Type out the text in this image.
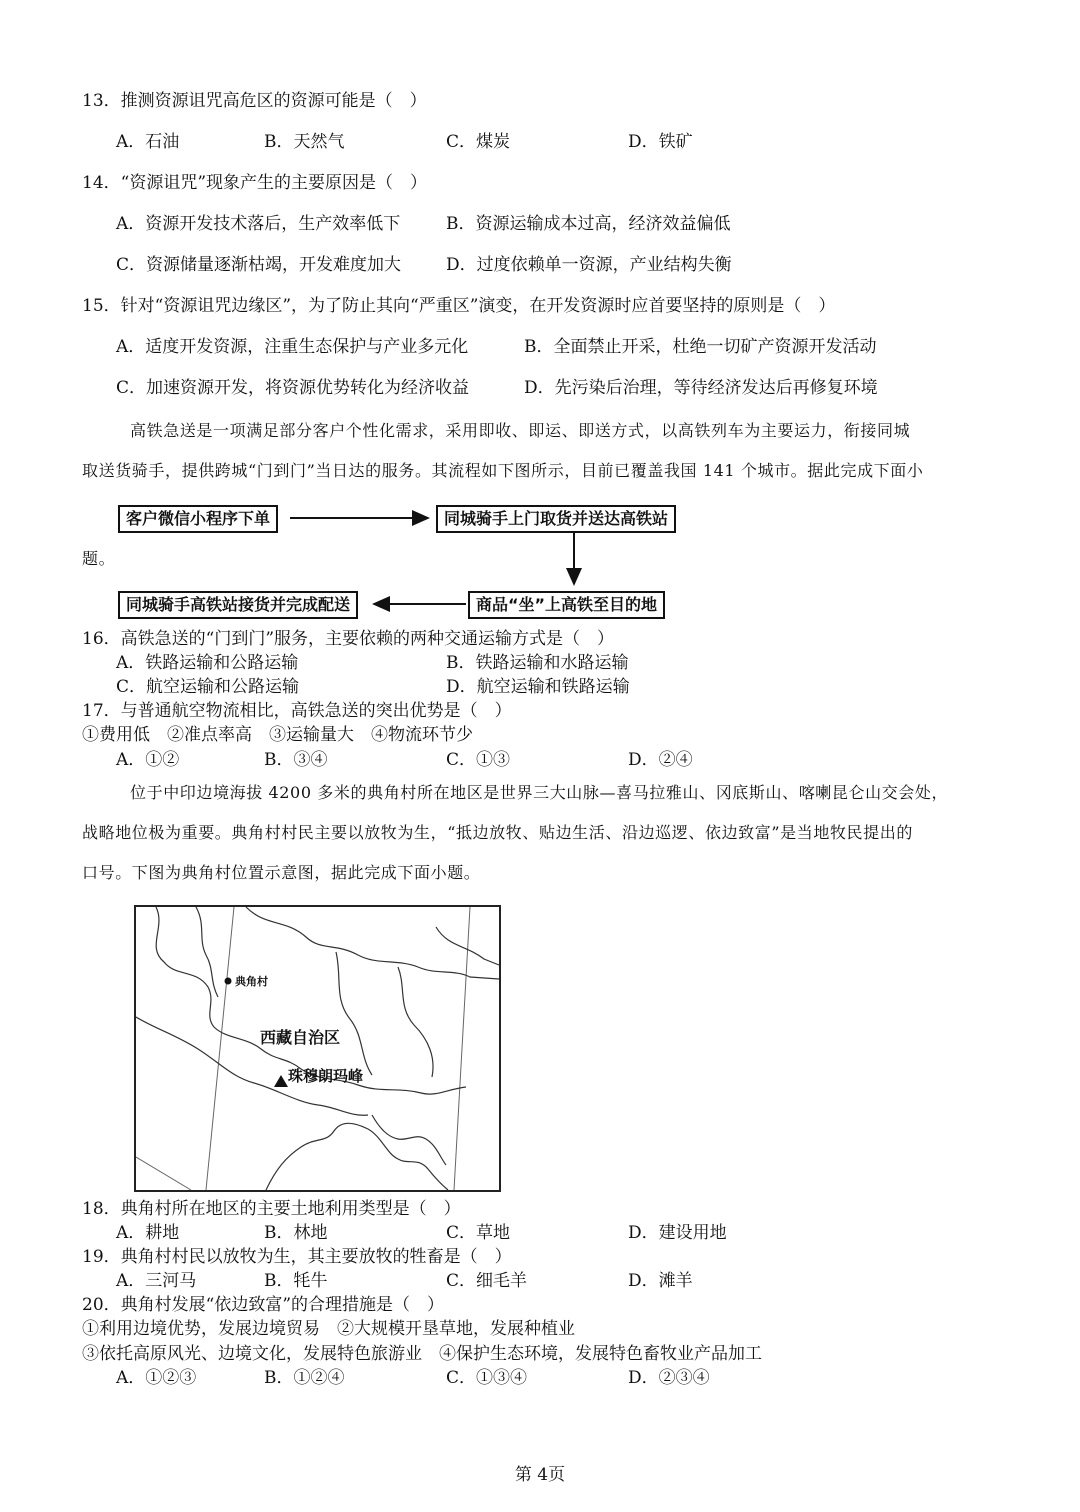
13．推测资源诅咒高危区的资源可能是（　）
A．石油	B．天然气	C．煤炭	D．铁矿
14．“资源诅咒”现象产生的主要原因是（　）
A．资源开发技术落后，生产效率低下	B．资源运输成本过高，经济效益偏低
C．资源储量逐渐枯竭，开发难度加大	D．过度依赖单一资源，产业结构失衡
15．针对“资源诅咒边缘区”，为了防止其向“严重区”演变，在开发资源时应首要坚持的原则是（　）
A．适度开发资源，注重生态保护与产业多元化	B．全面禁止开采，杜绝一切矿产资源开发活动
C．加速资源开发，将资源优势转化为经济收益	D．先污染后治理，等待经济发达后再修复环境
高铁急送是一项满足部分客户个性化需求，采用即收、即运、即送方式，以高铁列车为主要运力，衔接同城
取送货骑手，提供跨城“门到门”当日达的服务。其流程如下图所示，目前已覆盖我国 141 个城市。据此完成下面小
题。
客户微信小程序下单	同城骑手上门取货并送达高铁站
商品“坐”上高铁至目的地
同城骑手高铁站接货并完成配送
16．高铁急送的“门到门”服务，主要依赖的两种交通运输方式是（　）
A．铁路运输和公路运输	B．铁路运输和水路运输
C．航空运输和公路运输	D．航空运输和铁路运输
17．与普通航空物流相比，高铁急送的突出优势是（　）
①费用低　②准点率高　③运输量大　④物流环节少
A．①②	B．③④	C．①③	D．②④
位于中印边境海拔 4200 多米的典角村所在地区是世界三大山脉—喜马拉雅山、冈底斯山、喀喇昆仑山交会处，
战略地位极为重要。典角村村民主要以放牧为生，“抵边放牧、贴边生活、沿边巡逻、依边致富”是当地牧民提出的
口号。下图为典角村位置示意图，据此完成下面小题。
典角村
西藏自治区
珠穆朗玛峰
18．典角村所在地区的主要土地利用类型是（　）
A．耕地	B．林地	C．草地	D．建设用地
19．典角村村民以放牧为生，其主要放牧的牲畜是（　）
A．三河马	B．牦牛	C．细毛羊	D．滩羊
20．典角村发展“依边致富”的合理措施是（　）
①利用边境优势，发展边境贸易　②大规模开垦草地，发展种植业
③依托高原风光、边境文化，发展特色旅游业　④保护生态环境，发展特色畜牧业产品加工
A．①②③	B．①②④	C．①③④	D．②③④
第 4页
